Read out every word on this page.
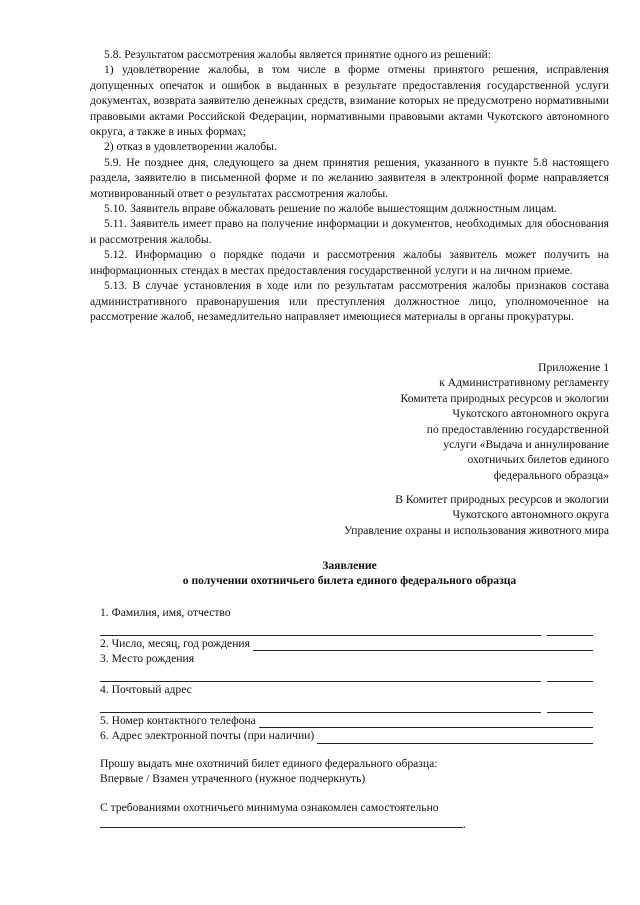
5.8. Результатом рассмотрения жалобы является принятие одного из решений:

1) удовлетворение жалобы, в том числе в форме отмены принятого решения, исправления допущенных опечаток и ошибок в выданных в результате предоставления государственной услуги документах, возврата заявителю денежных средств, взимание которых не предусмотрено нормативными правовыми актами Российской Федерации, нормативными правовыми актами Чукотского автономного округа, а также в иных формах;

2) отказ в удовлетворении жалобы.

5.9. Не позднее дня, следующего за днем принятия решения, указанного в пункте 5.8 настоящего раздела, заявителю в письменной форме и по желанию заявителя в электронной форме направляется мотивированный ответ о результатах рассмотрения жалобы.

5.10. Заявитель вправе обжаловать решение по жалобе вышестоящим должностным лицам.

5.11. Заявитель имеет право на получение информации и документов, необходимых для обоснования и рассмотрения жалобы.

5.12. Информацию о порядке подачи и рассмотрения жалобы заявитель может получить на информационных стендах в местах предоставления государственной услуги и на личном приеме.

5.13. В случае установления в ходе или по результатам рассмотрения жалобы признаков состава административного правонарушения или преступления должностное лицо, уполномоченное на рассмотрение жалоб, незамедлительно направляет имеющиеся материалы в органы прокуратуры.

Приложение 1
к Административному регламенту
Комитета природных ресурсов и экологии
Чукотского автономного округа
по предоставлению государственной
услуги «Выдача и аннулирование
охотничьих билетов единого
федерального образца»
В Комитет природных ресурсов и экологии
Чукотского автономного округа
Управление охраны и использования животного мира
Заявление
о получении охотничьего билета единого федерального образца
1. Фамилия, имя, отчество
2. Число, месяц, год рождения
3. Место рождения
4. Почтовый адрес
5. Номер контактного телефона
6. Адрес электронной почты (при наличии)
Прошу выдать мне охотничий билет единого федерального образца:
Впервые / Взамен утраченного (нужное подчеркнуть)
С требованиями охотничьего минимума ознакомлен самостоятельно
.
